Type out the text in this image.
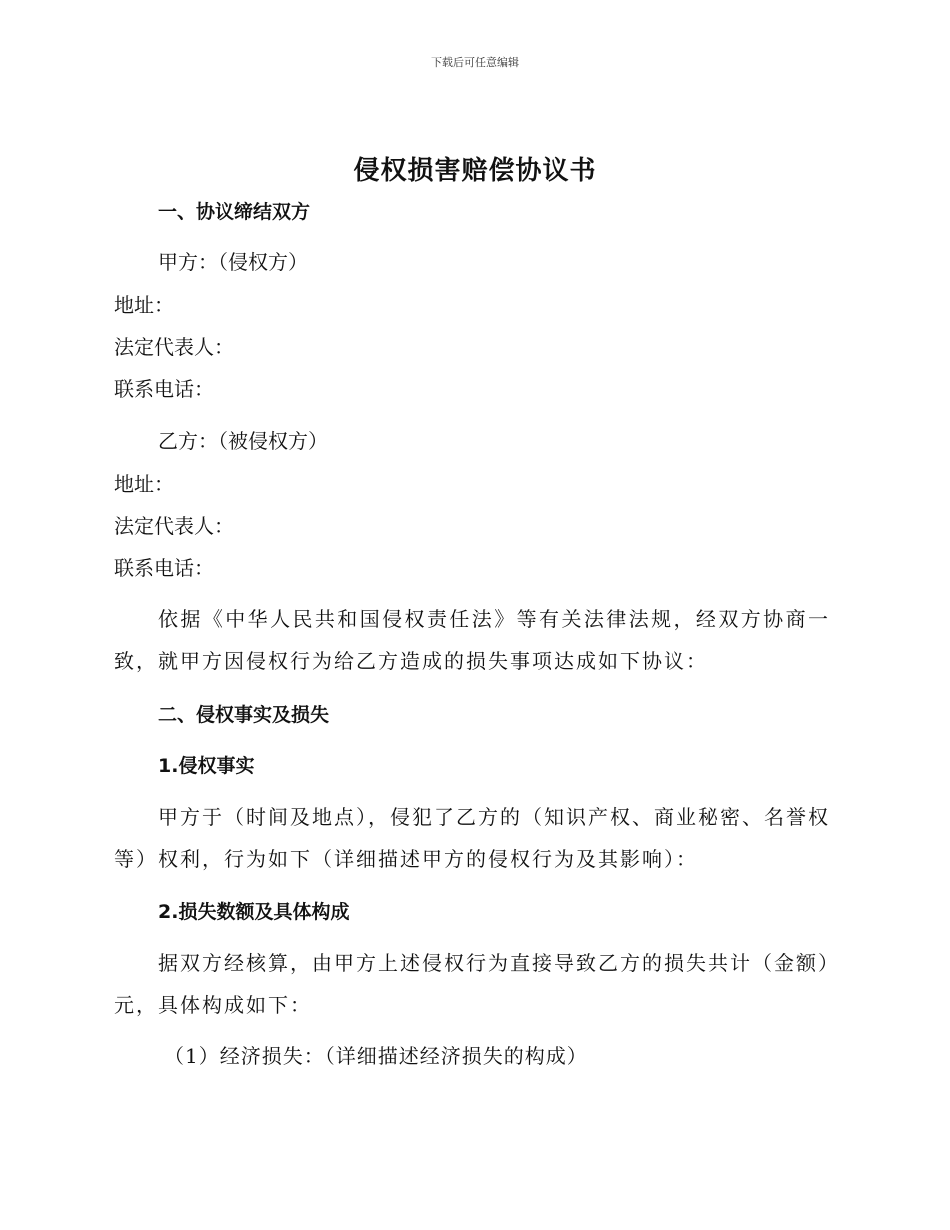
下载后可任意编辑
侵权损害赔偿协议书
一、协议缔结双方
甲方：（侵权方）
地址：
法定代表人：
联系电话：
乙方：（被侵权方）
地址：
法定代表人：
联系电话：
依据《中华人民共和国侵权责任法》等有关法律法规，经双方协商一致，就甲方因侵权行为给乙方造成的损失事项达成如下协议：
二、侵权事实及损失
1.侵权事实
甲方于（时间及地点），侵犯了乙方的（知识产权、商业秘密、名誉权等）权利，行为如下（详细描述甲方的侵权行为及其影响）：
2.损失数额及具体构成
据双方经核算，由甲方上述侵权行为直接导致乙方的损失共计（金额）元，具体构成如下：
（1）经济损失：（详细描述经济损失的构成）
